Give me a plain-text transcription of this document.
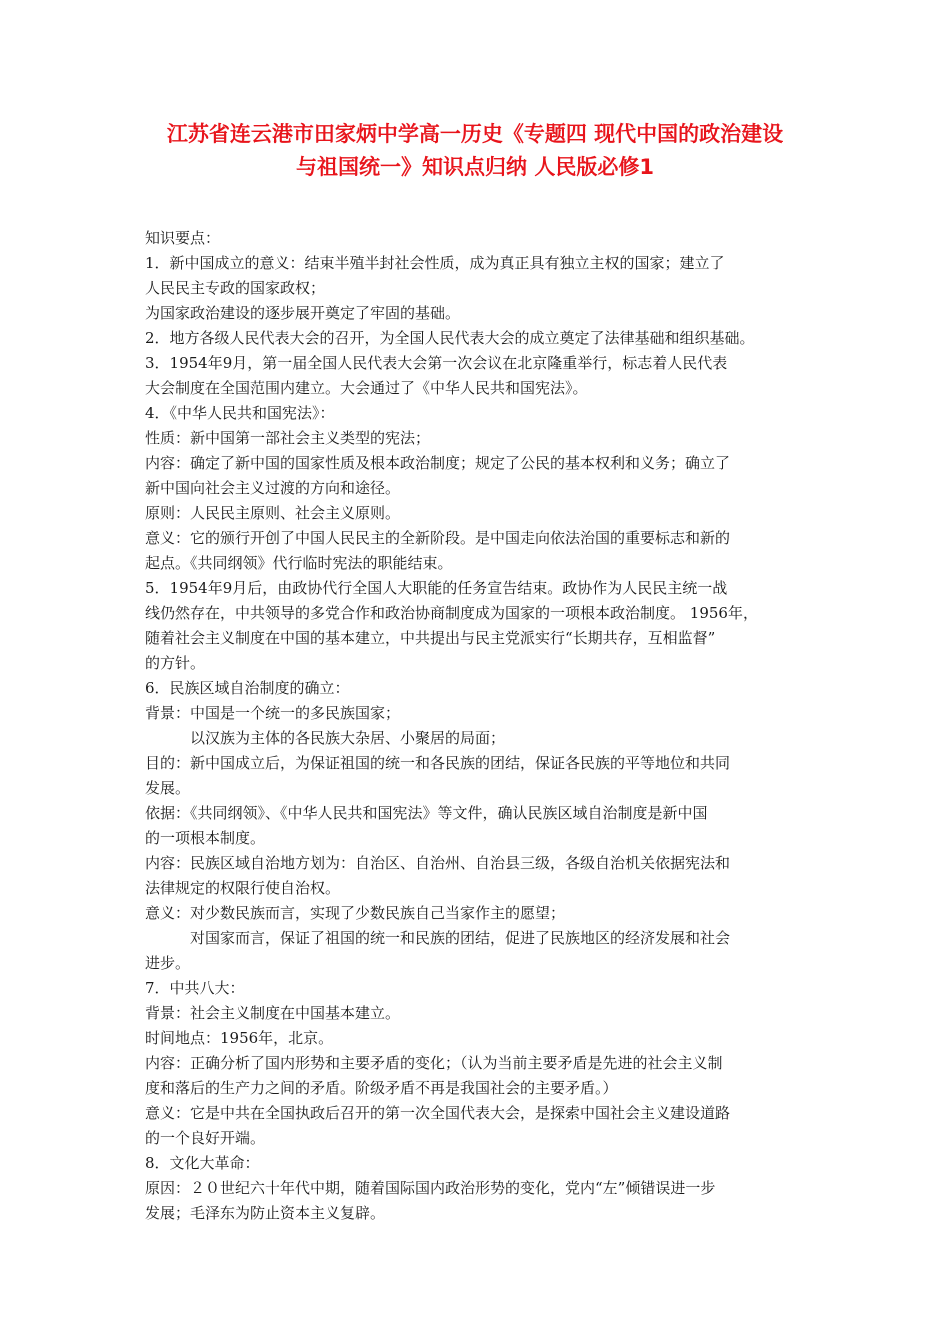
江苏省连云港市田家炳中学高一历史《专题四 现代中国的政治建设
与祖国统一》知识点归纳 人民版必修1
知识要点：
1．新中国成立的意义：结束半殖半封社会性质，成为真正具有独立主权的国家；建立了
人民民主专政的国家政权；
为国家政治建设的逐步展开奠定了牢固的基础。
2．地方各级人民代表大会的召开，为全国人民代表大会的成立奠定了法律基础和组织基础。
3．1954年9月，第一届全国人民代表大会第一次会议在北京隆重举行，标志着人民代表
大会制度在全国范围内建立。大会通过了《中华人民共和国宪法》。
4．《中华人民共和国宪法》：
性质：新中国第一部社会主义类型的宪法；
内容：确定了新中国的国家性质及根本政治制度；规定了公民的基本权利和义务；确立了
新中国向社会主义过渡的方向和途径。
原则：人民民主原则、社会主义原则。
意义：它的颁行开创了中国人民民主的全新阶段。是中国走向依法治国的重要标志和新的
起点。《共同纲领》代行临时宪法的职能结束。
5．1954年9月后，由政协代行全国人大职能的任务宣告结束。政协作为人民民主统一战
线仍然存在，中共领导的多党合作和政治协商制度成为国家的一项根本政治制度。 1956年，
随着社会主义制度在中国的基本建立，中共提出与民主党派实行“长期共存，互相监督”
的方针。
6．民族区域自治制度的确立：
背景：中国是一个统一的多民族国家；
以汉族为主体的各民族大杂居、小聚居的局面；
目的：新中国成立后，为保证祖国的统一和各民族的团结，保证各民族的平等地位和共同
发展。
依据：《共同纲领》、《中华人民共和国宪法》等文件，确认民族区域自治制度是新中国
的一项根本制度。
内容：民族区域自治地方划为：自治区、自治州、自治县三级，各级自治机关依据宪法和
法律规定的权限行使自治权。
意义：对少数民族而言，实现了少数民族自己当家作主的愿望；
对国家而言，保证了祖国的统一和民族的团结，促进了民族地区的经济发展和社会
进步。
7．中共八大：
背景：社会主义制度在中国基本建立。
时间地点：1956年，北京。
内容：正确分析了国内形势和主要矛盾的变化；（认为当前主要矛盾是先进的社会主义制
度和落后的生产力之间的矛盾。阶级矛盾不再是我国社会的主要矛盾。）
意义：它是中共在全国执政后召开的第一次全国代表大会，是探索中国社会主义建设道路
的一个良好开端。
8．文化大革命：
原因：２０世纪六十年代中期，随着国际国内政治形势的变化，党内“左”倾错误进一步
发展；毛泽东为防止资本主义复辟。
